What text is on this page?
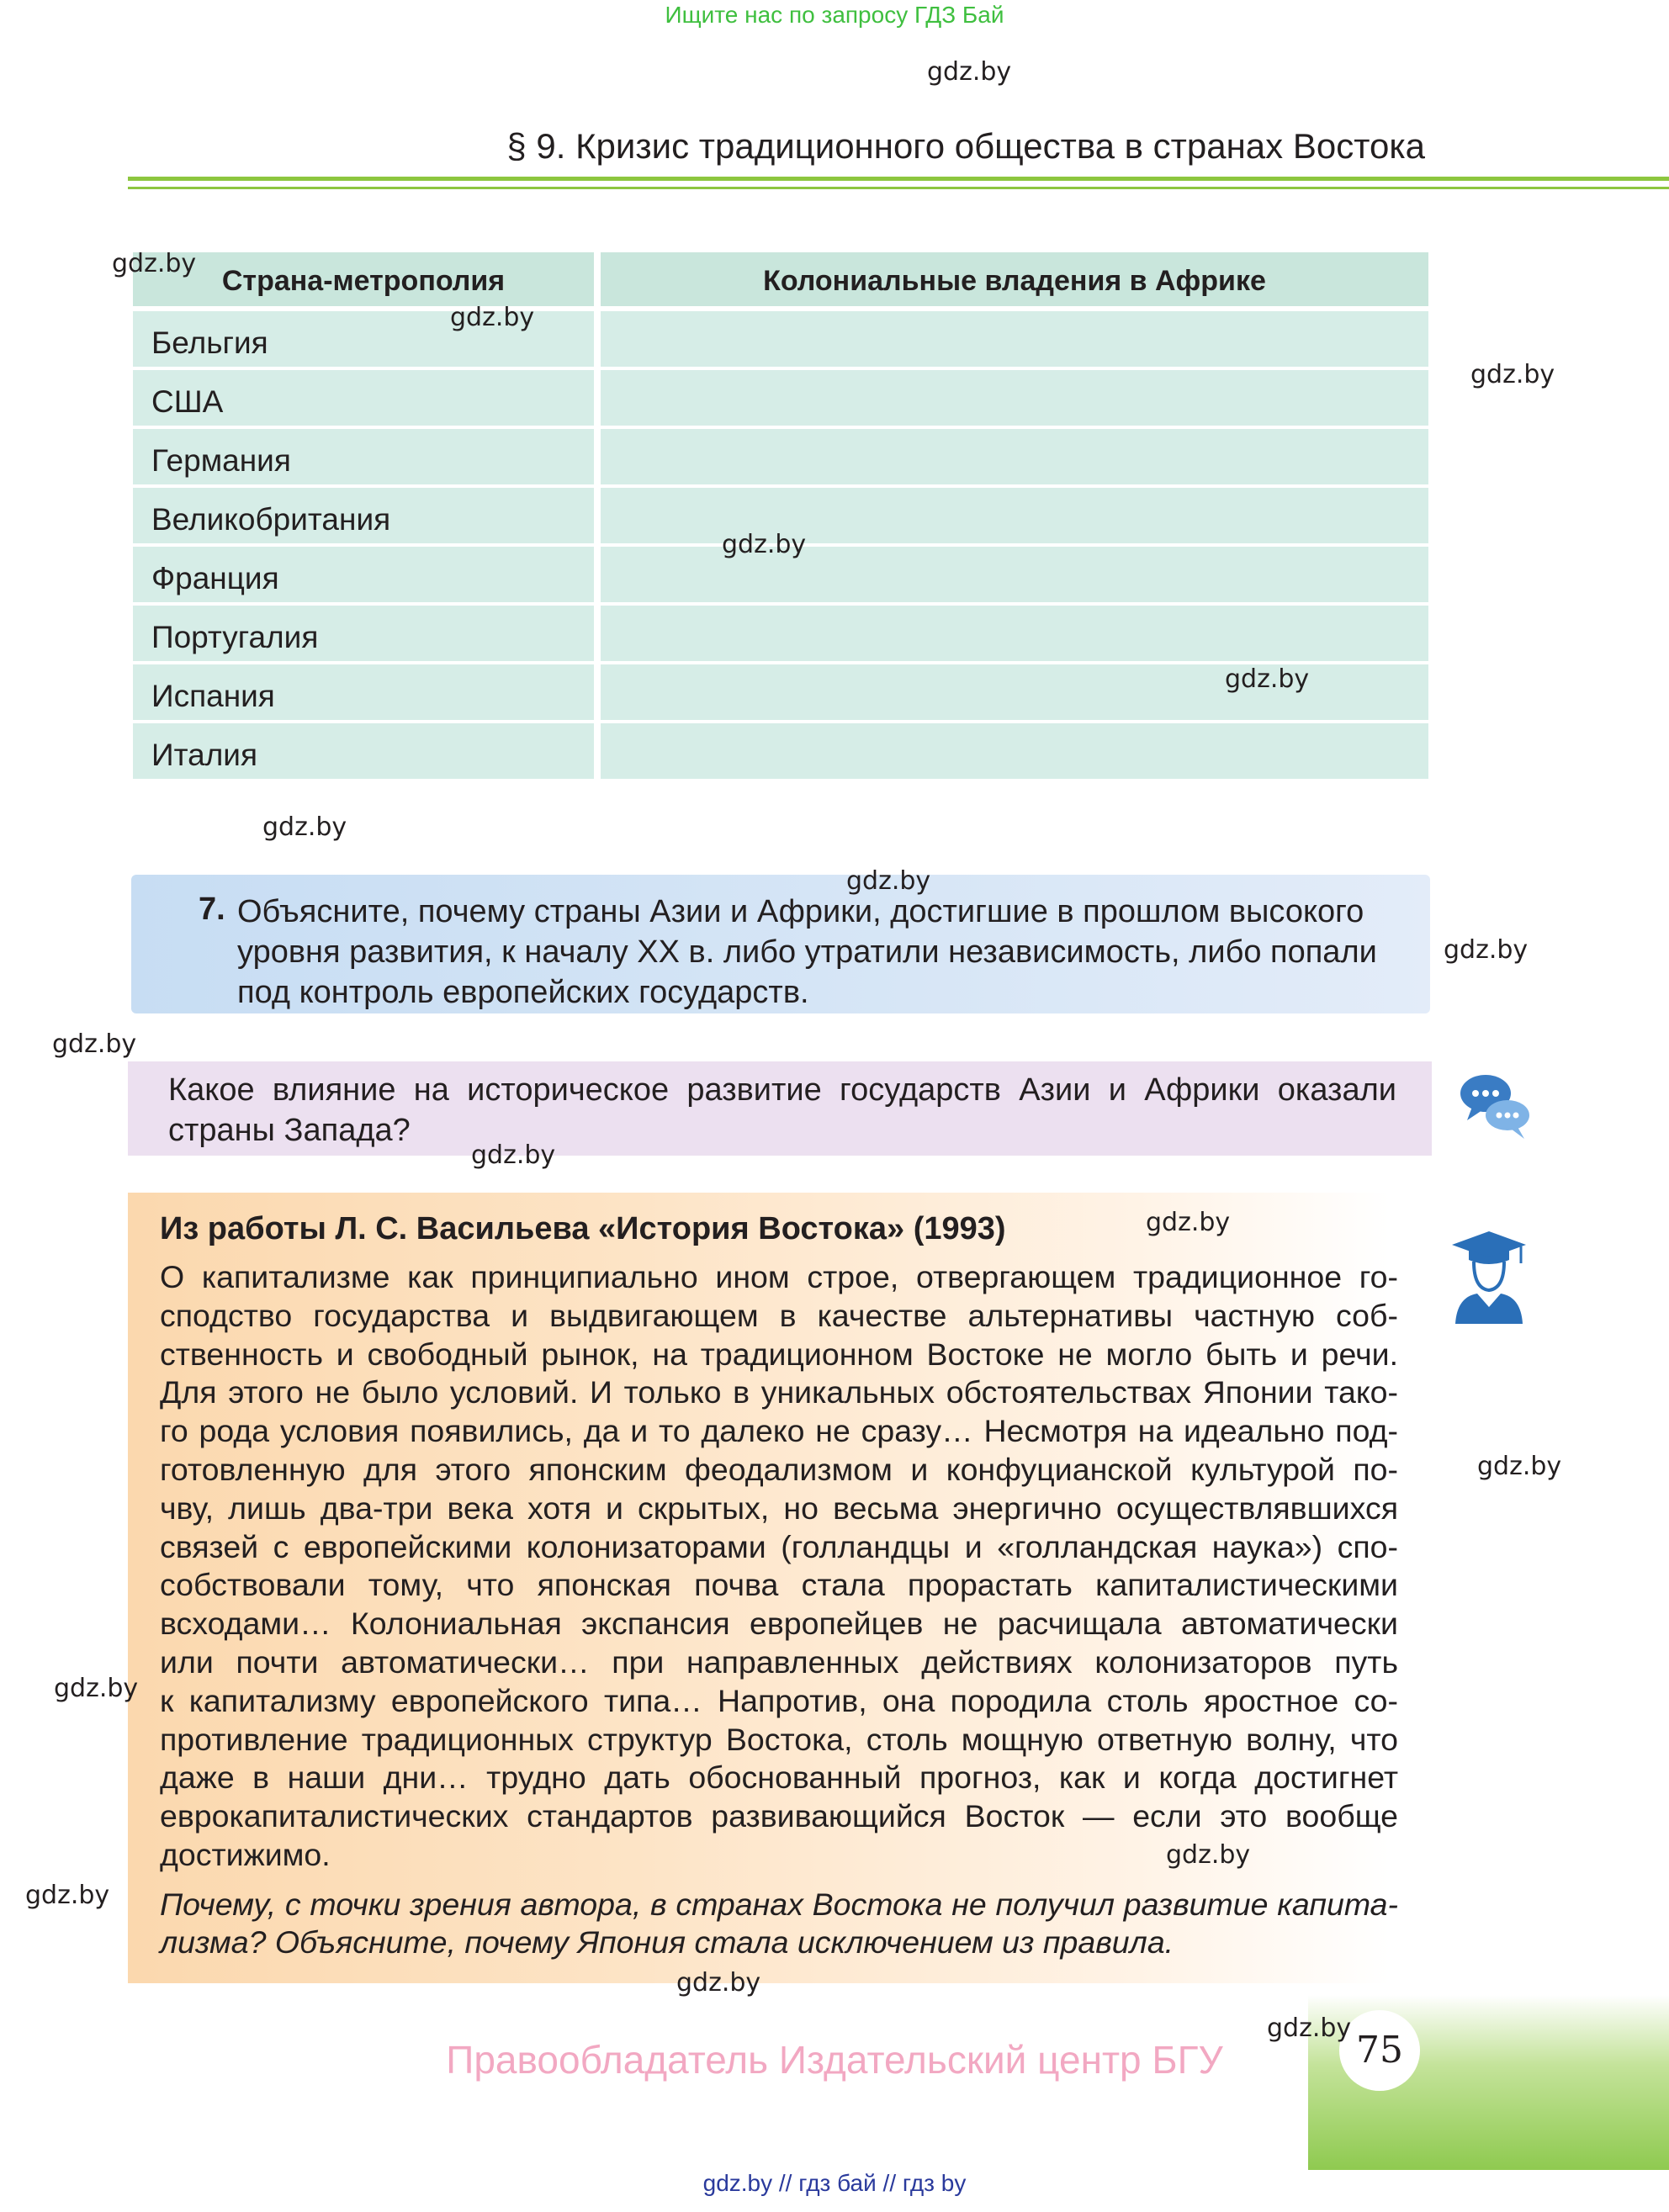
Ищите нас по запросу ГДЗ Бай
§ 9. Кризис традиционного общества в странах Востока
Страна-метрополия	Колониальные владения в Африке
Бельгия
США
Германия
Великобритания
Франция
Португалия
Испания
Италия
7. Объясните, почему страны Азии и Африки, достигшие в прошлом высокого уровня развития, к началу XX в. либо утратили независимость, либо попали под контроль европейских государств.
Какое влияние на историческое развитие государств Азии и Африки оказали страны Запада?
Из работы Л. С. Васильева «История Востока» (1993)
О капитализме как принципиально ином строе, отвергающем традиционное го-
сподство государства и выдвигающем в качестве альтернативы частную соб-
ственность и свободный рынок, на традиционном Востоке не могло быть и речи.
Для этого не было условий. И только в уникальных обстоятельствах Японии тако-
го рода условия появились, да и то далеко не сразу… Несмотря на идеально под-
готовленную для этого японским феодализмом и конфуцианской культурой по-
чву, лишь два-три века хотя и скрытых, но весьма энергично осуществлявшихся
связей с европейскими колонизаторами (голландцы и «голландская наука») спо-
собствовали тому, что японская почва стала прорастать капиталистическими
всходами… Колониальная экспансия европейцев не расчищала автоматически
или почти автоматически… при направленных действиях колонизаторов путь
к капитализму европейского типа… Напротив, она породила столь яростное со-
противление традиционных структур Востока, столь мощную ответную волну, что
даже в наши дни… трудно дать обоснованный прогноз, как и когда достигнет
еврокапиталистических стандартов развивающийся Восток — если это вообще
достижимо.
Почему, с точки зрения автора, в странах Востока не получил развитие капита-
лизма? Объясните, почему Япония стала исключением из правила.
75
Правообладатель Издательский центр БГУ
gdz.by // гдз бай // гдз by
gdz.by
gdz.by
gdz.by
gdz.by
gdz.by
gdz.by
gdz.by
gdz.by
gdz.by
gdz.by
gdz.by
gdz.by
gdz.by
gdz.by
gdz.by
gdz.by
gdz.by
gdz.by
